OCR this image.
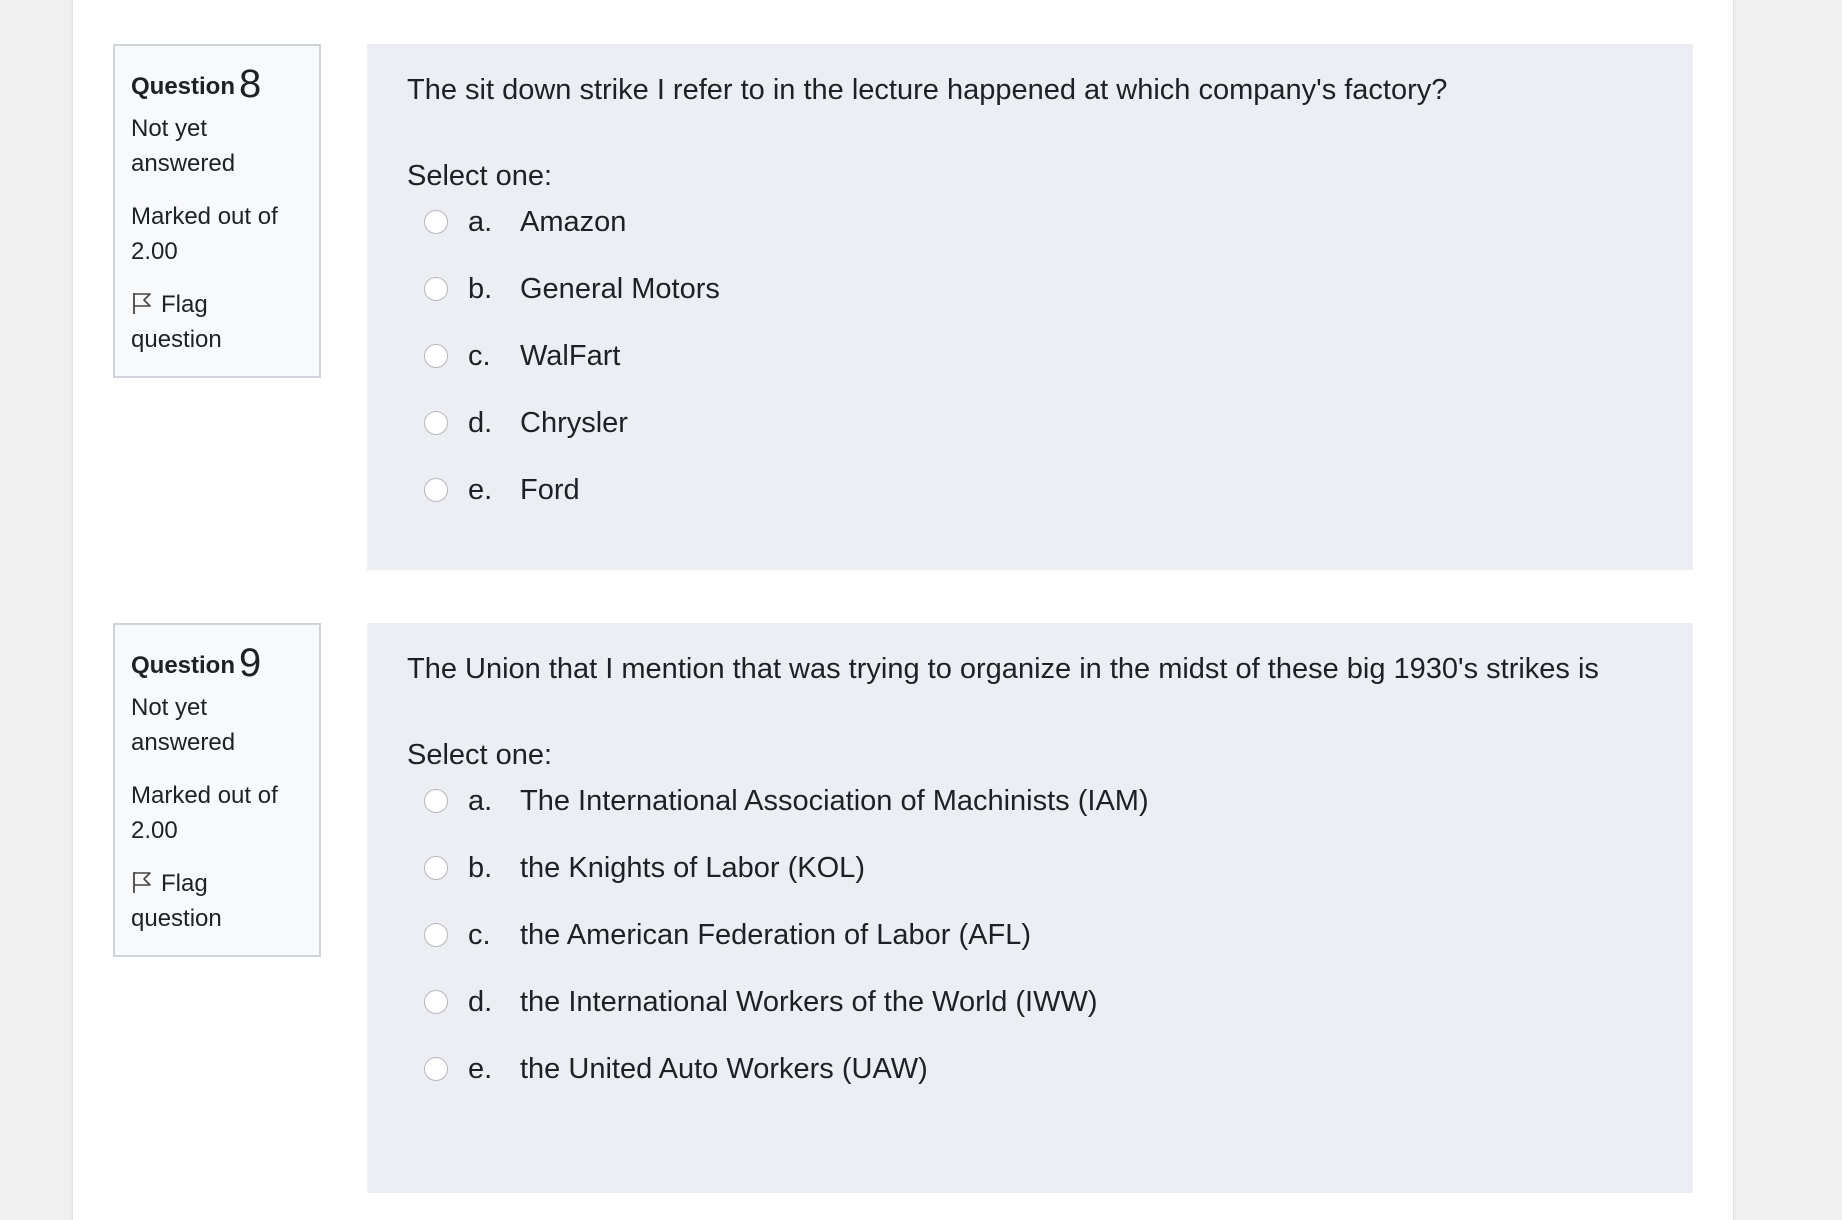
Question 8
Not yet answered
Marked out of 2.00
Flag question
The sit down strike I refer to in the lecture happened at which company's factory?
Select one:
a. Amazon
b. General Motors
c.	WalFart
d. Chrysler
e. Ford
Question 9
Not yet answered
Marked out of 2.00
Flag question
The Union that I mention that was trying to organize in the midst of these big 1930's strikes is
Select one:
a. The International Association of Machinists (IAM)
b. the Knights of Labor (KOL)
c.	the American Federation of Labor (AFL)
d. the International Workers of the World (IWW)
e. the United Auto Workers (UAW)
